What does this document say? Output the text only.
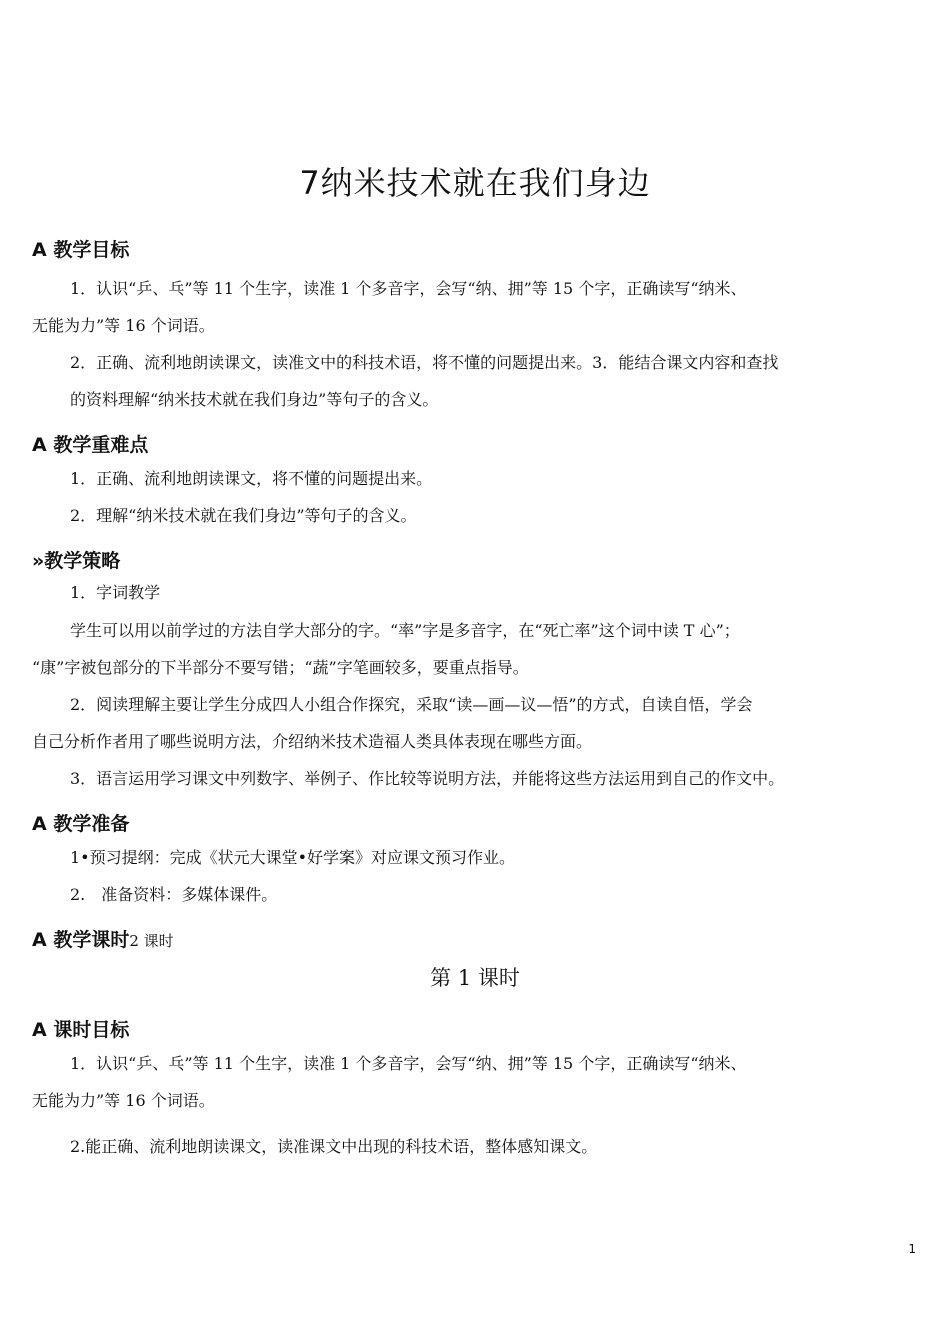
7纳米技术就在我们身边
A 教学目标
1．认识“乒、乓”等 11 个生字，读准 1 个多音字，会写“纳、拥”等 15 个字，正确读写“纳米、
无能为力”等 16 个词语。
2．正确、流利地朗读课文，读准文中的科技术语，将不懂的问题提出来。3．能结合课文内容和查找
的资料理解“纳米技术就在我们身边”等句子的含义。
A 教学重难点
1．正确、流利地朗读课文，将不懂的问题提出来。
2．理解“纳米技术就在我们身边”等句子的含义。
»教学策略
1．字词教学
学生可以用以前学过的方法自学大部分的字。“率”字是多音字，在“死亡率”这个词中读 T 心”；
“康”字被包部分的下半部分不要写错；“蔬”字笔画较多，要重点指导。
2．阅读理解主要让学生分成四人小组合作探究，采取“读—画—议—悟”的方式，自读自悟，学会
自己分析作者用了哪些说明方法，介绍纳米技术造福人类具体表现在哪些方面。
3．语言运用学习课文中列数字、举例子、作比较等说明方法，并能将这些方法运用到自己的作文中。
A 教学准备
1•预习提纲：完成《状元大课堂•好学案》对应课文预习作业。
2.　准备资料：多媒体课件。
A 教学课时2 课时
第 1 课时
A 课时目标
1．认识“乒、乓”等 11 个生字，读准 1 个多音字，会写“纳、拥”等 15 个字，正确读写“纳米、
无能为力”等 16 个词语。
2.能正确、流利地朗读课文，读准课文中出现的科技术语，整体感知课文。
1
